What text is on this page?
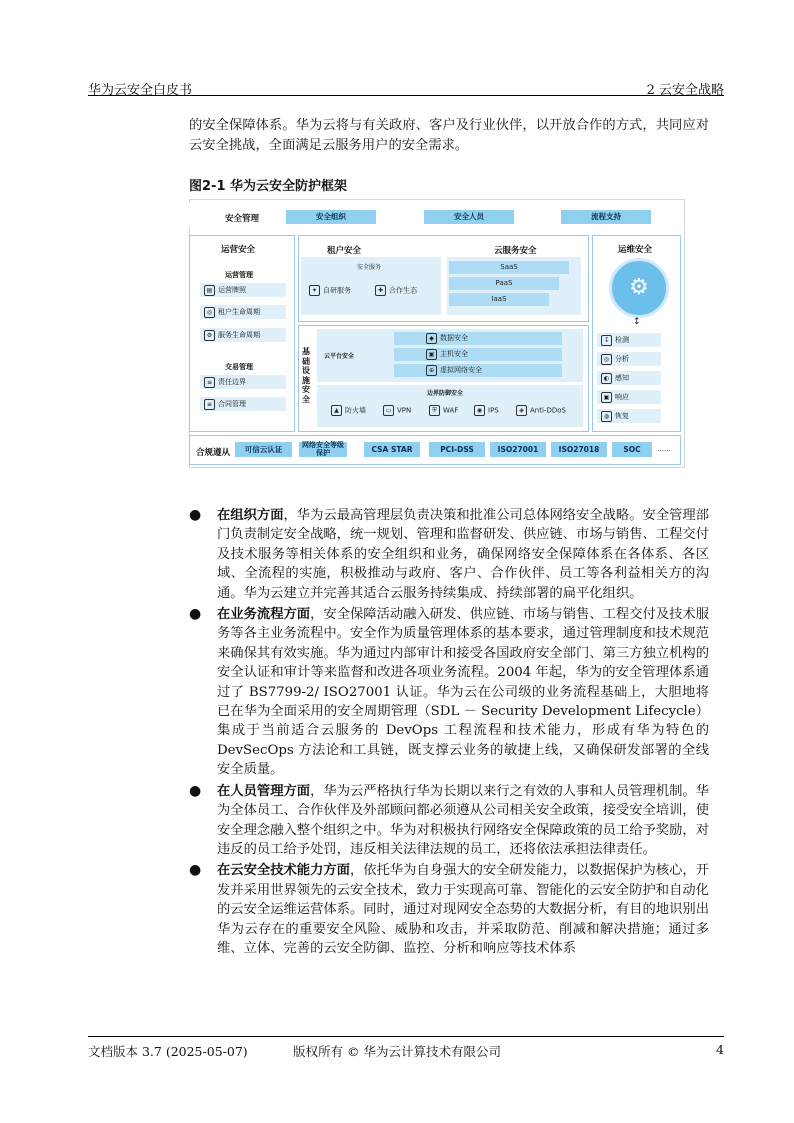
华为云安全白皮书	2 云安全战略
的安全保障体系。华为云将与有关政府、客户及行业伙伴，以开放合作的方式，共同应对云安全挑战，全面满足云服务用户的安全需求。
图2-1 华为云安全防护框架
安全管理	安全组织	安全人员	流程支持
运营安全
运营管理
▤ 运营牌照
◎ 租户生命周期
⚙ 服务生命周期
交易管理
≡ 责任边界
≡ 合同管理
租户安全
安全服务
✦ 自研服务	✚ 合作生态
云服务安全
SaaS
PaaS
IaaS
基础设施安全
云平台安全
◆ 数据安全
▣ 主机安全
⊕ 虚拟网络安全
边界防御安全
▲ 防火墙	▭ VPN	⛨ WAF	◉ IPS	◈ Anti-DDoS
运维安全
⚙
↕
↧ 检测
◎ 分析
◐ 感知
▣ 响应
◍ 恢复
合规遵从	可信云认证	网络安全等级保护	CSA STAR	PCI-DSS	ISO27001	ISO27018	SOC	……
● 在组织方面，华为云最高管理层负责决策和批准公司总体网络安全战略。安全管理部门负责制定安全战略，统一规划、管理和监督研发、供应链、市场与销售、工程交付及技术服务等相关体系的安全组织和业务，确保网络安全保障体系在各体系、各区域、全流程的实施，积极推动与政府、客户、合作伙伴、员工等各利益相关方的沟通。华为云建立并完善其适合云服务持续集成、持续部署的扁平化组织。
● 在业务流程方面，安全保障活动融入研发、供应链、市场与销售、工程交付及技术服务等各主业务流程中。安全作为质量管理体系的基本要求，通过管理制度和技术规范来确保其有效实施。华为通过内部审计和接受各国政府安全部门、第三方独立机构的安全认证和审计等来监督和改进各项业务流程。2004 年起，华为的安全管理体系通过了 BS7799-2/ ISO27001 认证。华为云在公司级的业务流程基础上，大胆地将已在华为全面采用的安全周期管理（SDL － Security Development Lifecycle）集成于当前适合云服务的 DevOps 工程流程和技术能力，形成有华为特色的 DevSecOps 方法论和工具链，既支撑云业务的敏捷上线，又确保研发部署的全线安全质量。
● 在人员管理方面，华为云严格执行华为长期以来行之有效的人事和人员管理机制。华为全体员工、合作伙伴及外部顾问都必须遵从公司相关安全政策，接受安全培训，使安全理念融入整个组织之中。华为对积极执行网络安全保障政策的员工给予奖励，对违反的员工给予处罚，违反相关法律法规的员工，还将依法承担法律责任。
● 在云安全技术能力方面，依托华为自身强大的安全研发能力，以数据保护为核心，开发并采用世界领先的云安全技术，致力于实现高可靠、智能化的云安全防护和自动化的云安全运维运营体系。同时，通过对现网安全态势的大数据分析，有目的地识别出华为云存在的重要安全风险、威胁和攻击，并采取防范、削减和解决措施；通过多维、立体、完善的云安全防御、监控、分析和响应等技术体系
文档版本 3.7 (2025-05-07)	版权所有 © 华为云计算技术有限公司	4
